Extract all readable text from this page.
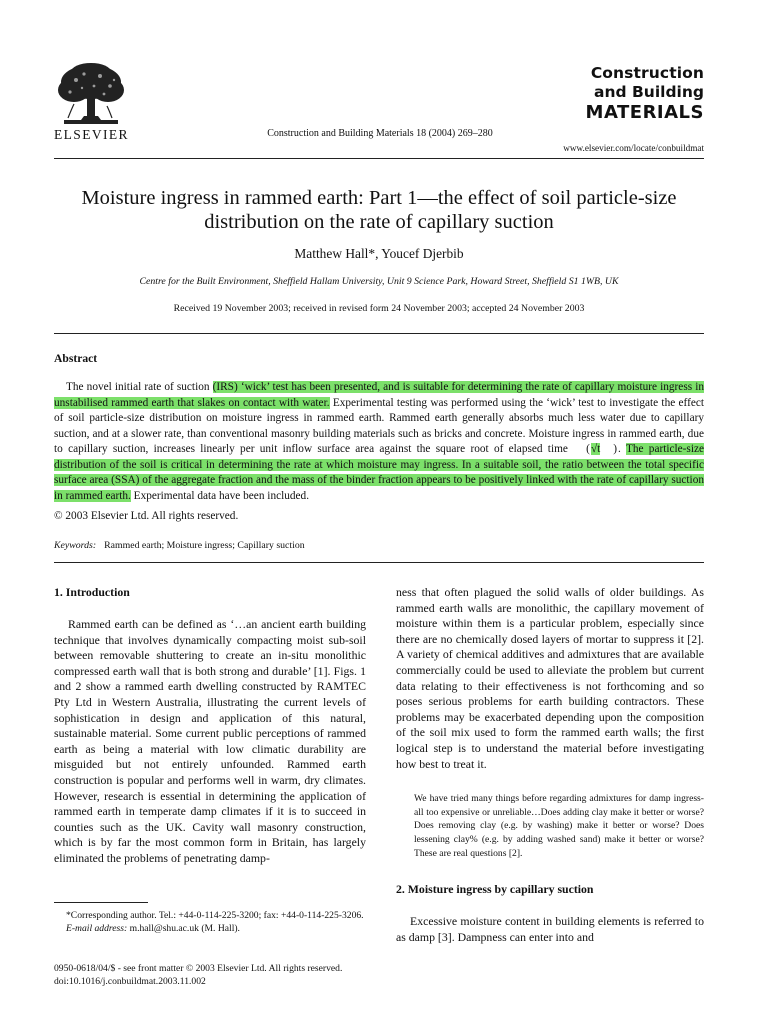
ELSEVIER	Construction and Building Materials 18 (2004) 269–280
Construction
and Building
MATERIALS
www.elsevier.com/locate/conbuildmat
Moisture ingress in rammed earth: Part 1—the effect of soil particle-size distribution on the rate of capillary suction
Matthew Hall*, Youcef Djerbib
Centre for the Built Environment, Sheffield Hallam University, Unit 9 Science Park, Howard Street, Sheffield S1 1WB, UK
Received 19 November 2003; received in revised form 24 November 2003; accepted 24 November 2003
Abstract
The novel initial rate of suction (IRS) ‘wick’ test has been presented, and is suitable for determining the rate of capillary moisture ingress in unstabilised rammed earth that slakes on contact with water. Experimental testing was performed using the ‘wick’ test to investigate the effect of soil particle-size distribution on moisture ingress in rammed earth. Rammed earth generally absorbs much less water due to capillary suction, and at a slower rate, than conventional masonry building materials such as bricks and concrete. Moisture ingress in rammed earth, due to capillary suction, increases linearly per unit inflow surface area against the square root of elapsed time (√t ). The particle-size distribution of the soil is critical in determining the rate at which moisture may ingress. In a suitable soil, the ratio between the total specific surface area (SSA) of the aggregate fraction and the mass of the binder fraction appears to be positively linked with the rate of capillary suction in rammed earth. Experimental data have been included.
© 2003 Elsevier Ltd. All rights reserved.
Keywords: Rammed earth; Moisture ingress; Capillary suction

1. Introduction

Rammed earth can be defined as ‘…an ancient earth building technique that involves dynamically compacting moist sub-soil between removable shuttering to create an in-situ monolithic compressed earth wall that is both strong and durable’ [1]. Figs. 1 and 2 show a rammed earth dwelling constructed by RAMTEC Pty Ltd in Western Australia, illustrating the current levels of sophistication in design and application of this natural, sustainable material. Some current public perceptions of rammed earth as being a material with low climatic durability are misguided but not entirely unfounded. Rammed earth construction is popular and performs well in warm, dry climates. However, research is essential in determining the application of rammed earth in temperate damp climates if it is to succeed in counties such as the UK. Cavity wall masonry construction, which is by far the most common form in Britain, has largely eliminated the problems of penetrating damp-

ness that often plagued the solid walls of older buildings. As rammed earth walls are monolithic, the capillary movement of moisture within them is a particular problem, especially since there are no chemically dosed layers of mortar to suppress it [2]. A variety of chemical additives and admixtures that are available commercially could be used to alleviate the problem but current data relating to their effectiveness is not forthcoming and so poses serious problems for earth building contractors. These problems may be exacerbated depending upon the composition of the soil mix used to form the rammed earth walls; the first logical step is to understand the material before investigating how best to treat it.

We have tried many things before regarding admixtures for damp ingress-all too expensive or unreliable…Does adding clay make it better or worse? Does removing clay (e.g. by washing) make it better or worse? Does lessening clay% (e.g. by adding washed sand) make it better or worse? These are real questions [2].

2. Moisture ingress by capillary suction

Excessive moisture content in building elements is referred to as damp [3]. Dampness can enter into and

*Corresponding author. Tel.: +44-0-114-225-3200; fax: +44-0-114-225-3206.

E-mail address: m.hall@shu.ac.uk (M. Hall).

0950-0618/04/$ - see front matter © 2003 Elsevier Ltd. All rights reserved.
doi:10.1016/j.conbuildmat.2003.11.002
